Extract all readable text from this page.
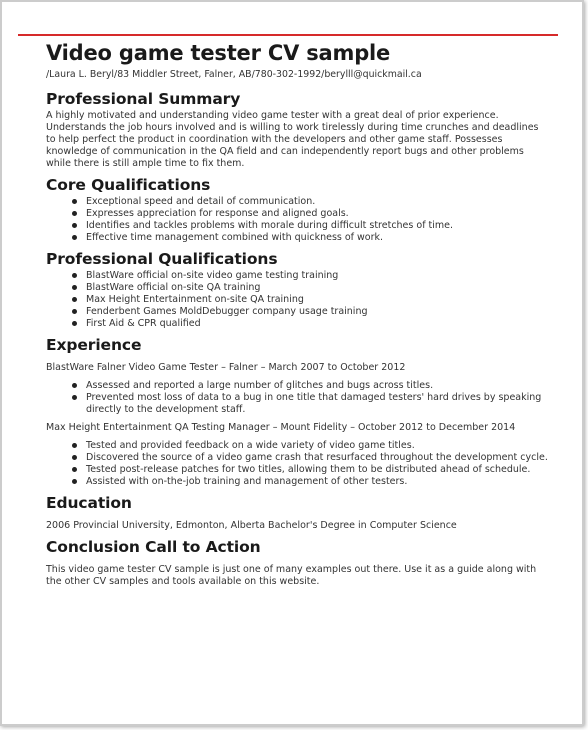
Video game tester CV sample
/Laura L. Beryl/83 Middler Street, Falner, AB/780-302-1992/berylll@quickmail.ca
Professional Summary

A highly motivated and understanding video game tester with a great deal of prior experience. Understands the job hours involved and is willing to work tirelessly during time crunches and deadlines to help perfect the product in coordination with the developers and other game staff. Possesses knowledge of communication in the QA field and can independently report bugs and other problems while there is still ample time to fix them.

Core Qualifications
Exceptional speed and detail of communication.
Expresses appreciation for response and aligned goals.
Identifies and tackles problems with morale during difficult stretches of time.
Effective time management combined with quickness of work.
Professional Qualifications
BlastWare official on-site video game testing training
BlastWare official on-site QA training
Max Height Entertainment on-site QA training
Fenderbent Games MoldDebugger company usage training
First Aid & CPR qualified
Experience
BlastWare Falner Video Game Tester – Falner – March 2007 to October 2012
Assessed and reported a large number of glitches and bugs across titles.
Prevented most loss of data to a bug in one title that damaged testers' hard drives by speaking directly to the development staff.
Max Height Entertainment QA Testing Manager – Mount Fidelity – October 2012 to December 2014
Tested and provided feedback on a wide variety of video game titles.
Discovered the source of a video game crash that resurfaced throughout the development cycle.
Tested post-release patches for two titles, allowing them to be distributed ahead of schedule.
Assisted with on-the-job training and management of other testers.
Education

2006 Provincial University, Edmonton, Alberta Bachelor's Degree in Computer Science

Conclusion Call to Action

This video game tester CV sample is just one of many examples out there. Use it as a guide along with the other CV samples and tools available on this website.
